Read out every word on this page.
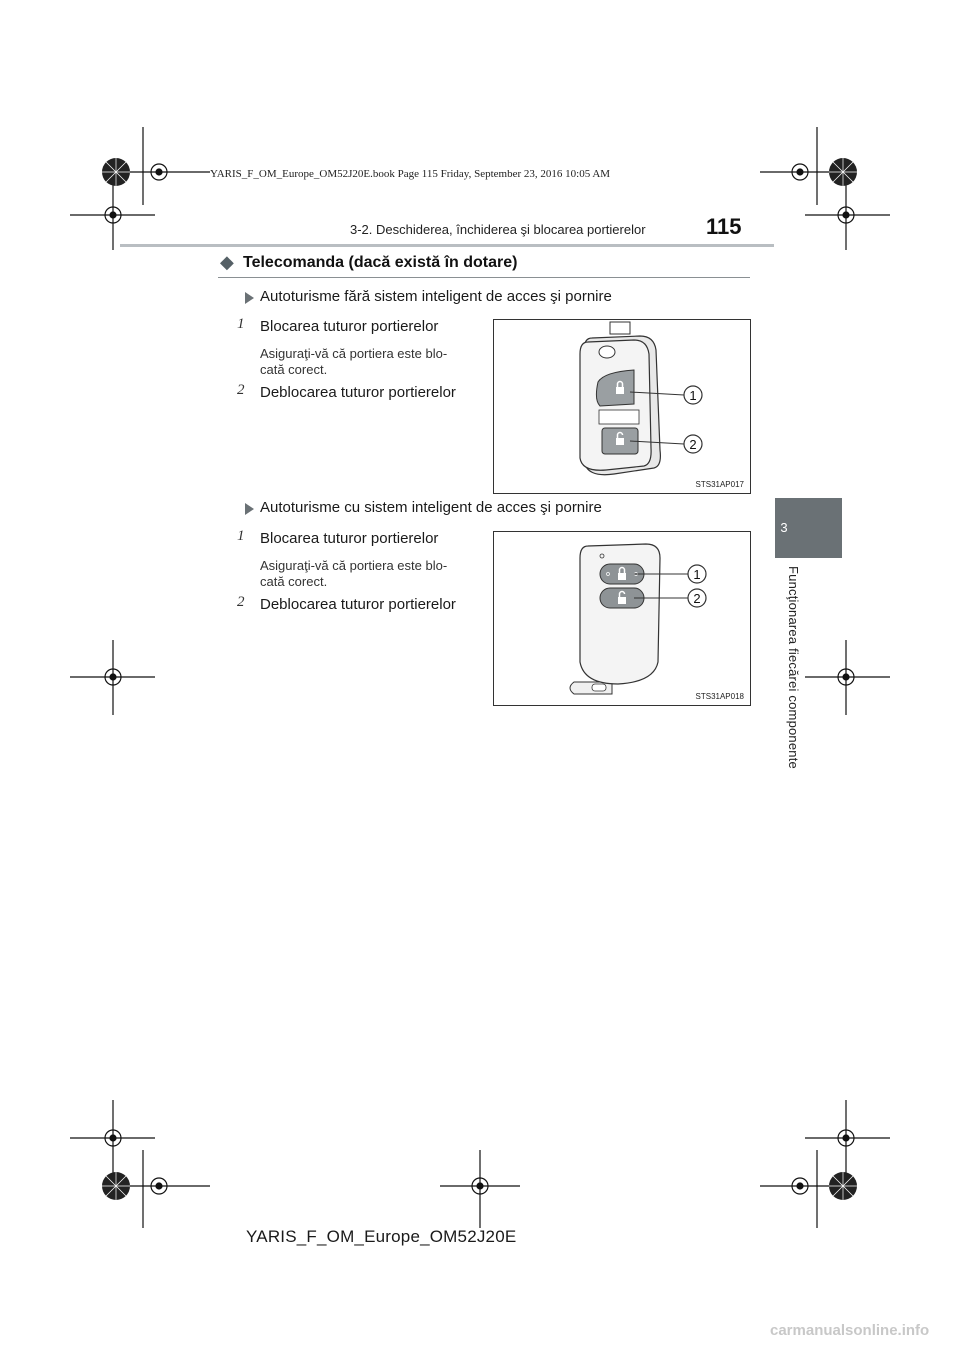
YARIS_F_OM_Europe_OM52J20E.book Page 115 Friday, September 23, 2016 10:05 AM
3-2. Deschiderea, închiderea şi blocarea portierelor	115
3
Funcţionarea fiecărei componente
◆ Telecomanda (dacă există în dotare)
Autoturisme fără sistem inteligent de acces şi pornire
1	Blocarea tuturor portierelor
Asiguraţi-vă că portiera este blo-
cată corect.
2	Deblocarea tuturor portierelor	1
2
STS31AP017
Autoturisme cu sistem inteligent de acces şi pornire
1	Blocarea tuturor portierelor
Asiguraţi-vă că portiera este blo-
cată corect.
2	Deblocarea tuturor portierelor
1
2
STS31AP018
YARIS_F_OM_Europe_OM52J20E
carmanualsonline.info
